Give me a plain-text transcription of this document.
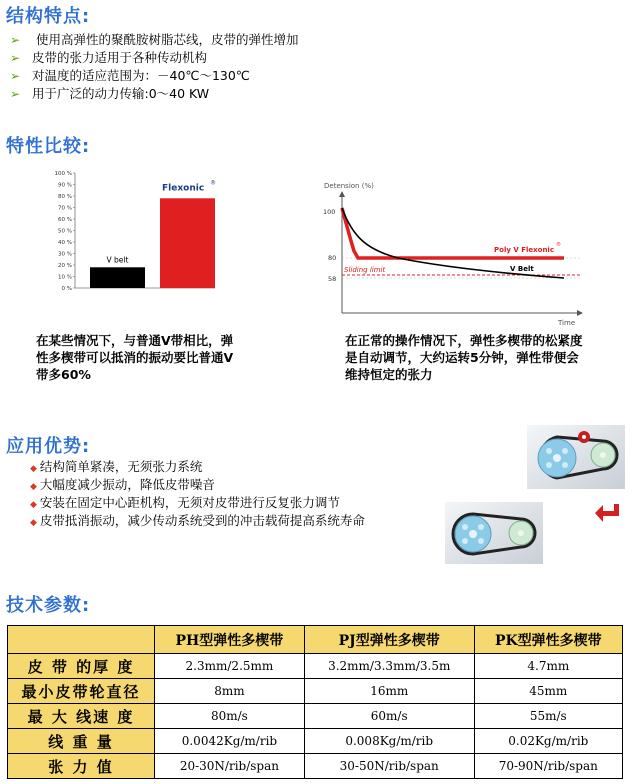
结构特点:
特性比较:
应用优势:
技术参数:
➢ 使用高弹性的聚酰胺树脂芯线，皮带的弹性增加
➢ 皮带的张力适用于各种传动机构
➢ 对温度的适应范围为：－40℃～130℃
➢ 用于广泛的动力传输:0～40 KW
100 %
90 %
80 %
70 %
60 %
50 %
40 %
30 %
20 %
10 %
0 %
V belt
Flexonic
®	Detension (%)
100
80
58
Sliding limit
Poly V Flexonic
®
V Belt
Time
在某些情况下，与普通V带相比，弹
性多楔带可以抵消的振动要比普通V
带多60%
在正常的操作情况下，弹性多楔带的松紧度
是自动调节，大约运转5分钟，弹性带便会
维持恒定的张力
◆ 结构简单紧凑，无须张力系统
◆ 大幅度减少振动，降低皮带噪音
◆ 安装在固定中心距机构，无须对皮带进行反复张力调节
◆ 皮带抵消振动，减少传动系统受到的冲击载荷提高系统寿命
	PH型弹性多楔带	PJ型弹性多楔带	PK型弹性多楔带
皮 带 的厚 度	2.3mm/2.5mm	3.2mm/3.3mm/3.5m	4.7mm
最小皮带轮直径	8mm	16mm	45mm
最 大 线速 度	80m/s	60m/s	55m/s
线 重 量	0.0042Kg/m/rib	0.008Kg/m/rib	0.02Kg/m/rib
张 力 值	20-30N/rib/span	30-50N/rib/span	70-90N/rib/span
